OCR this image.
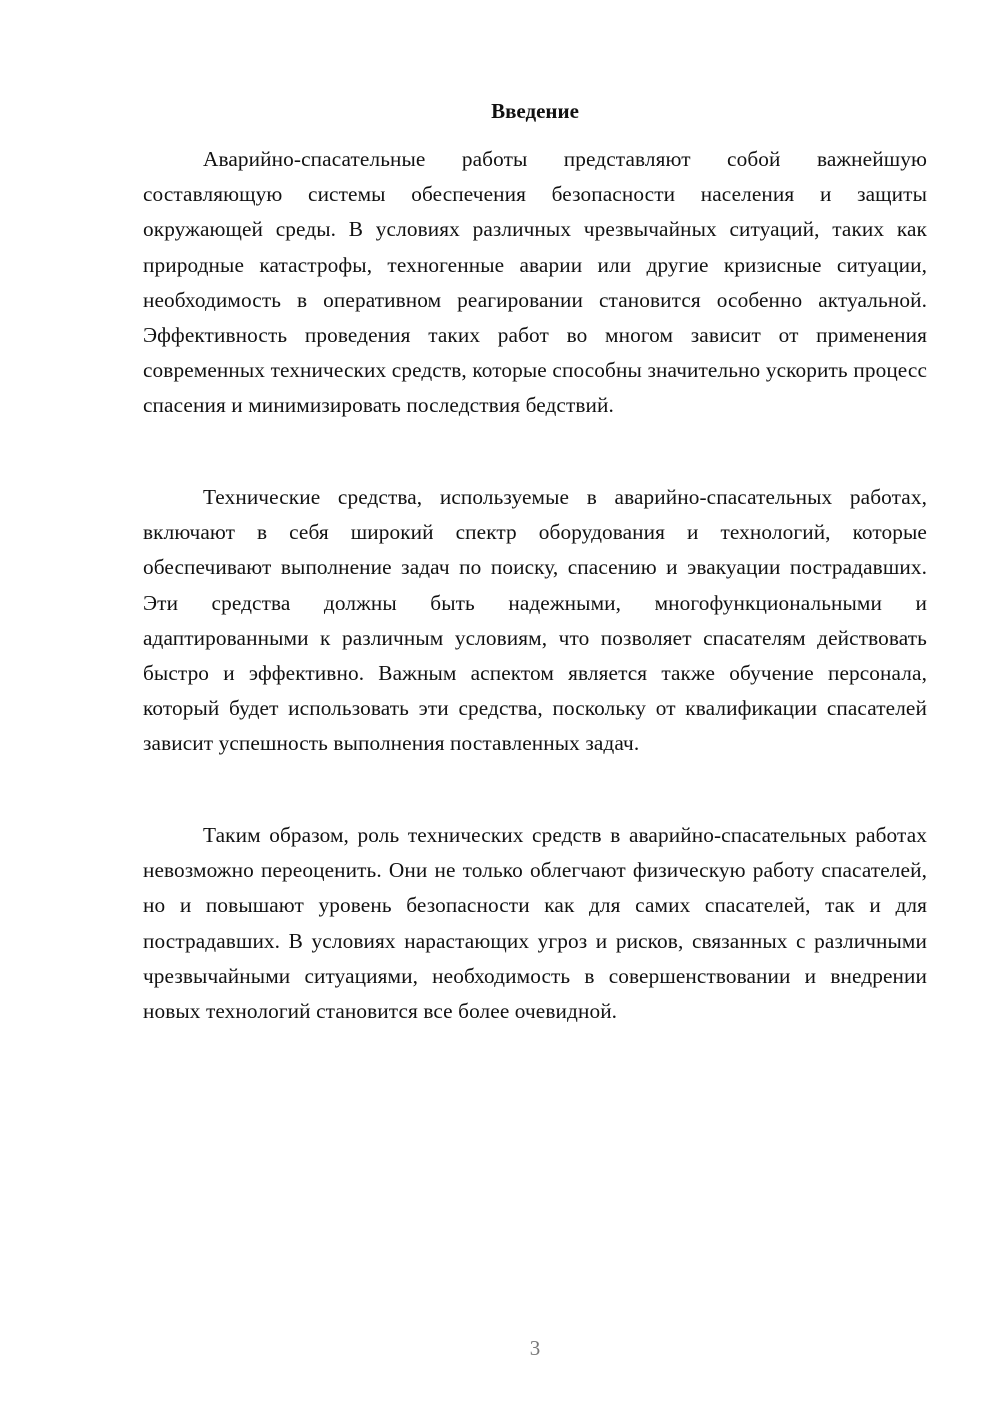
Введение

Аварийно-спасательные работы представляют собой важнейшую составляющую системы обеспечения безопасности населения и защиты окружающей среды. В условиях различных чрезвычайных ситуаций, таких как природные катастрофы, техногенные аварии или другие кризисные ситуации, необходимость в оперативном реагировании становится особенно актуальной. Эффективность проведения таких работ во многом зависит от применения современных технических средств, которые способны значительно ускорить процесс спасения и минимизировать последствия бедствий.

Технические средства, используемые в аварийно-спасательных работах, включают в себя широкий спектр оборудования и технологий, которые обеспечивают выполнение задач по поиску, спасению и эвакуации пострадавших. Эти средства должны быть надежными, многофункциональными и адаптированными к различным условиям, что позволяет спасателям действовать быстро и эффективно. Важным аспектом является также обучение персонала, который будет использовать эти средства, поскольку от квалификации спасателей зависит успешность выполнения поставленных задач.

Таким образом, роль технических средств в аварийно-спасательных работах невозможно переоценить. Они не только облегчают физическую работу спасателей, но и повышают уровень безопасности как для самих спасателей, так и для пострадавших. В условиях нарастающих угроз и рисков, связанных с различными чрезвычайными ситуациями, необходимость в совершенствовании и внедрении новых технологий становится все более очевидной.

3
